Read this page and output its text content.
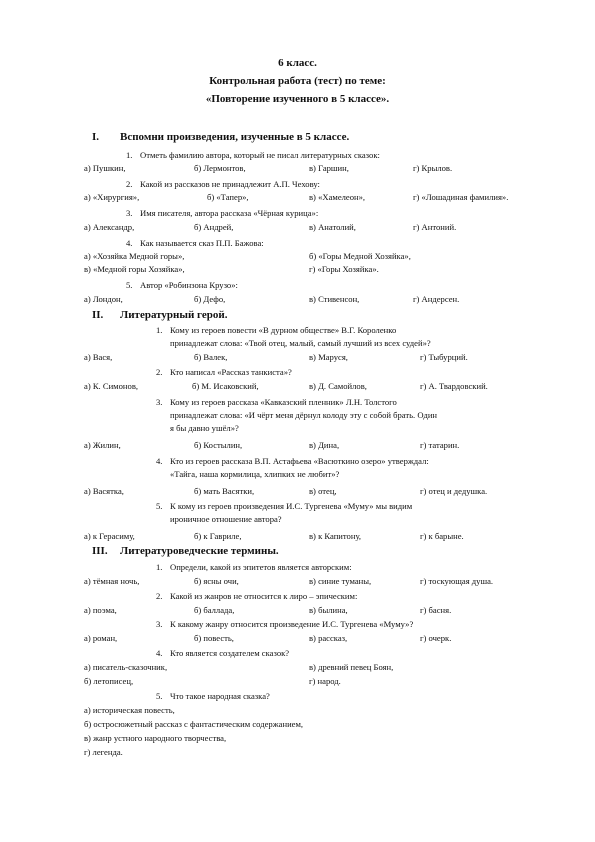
6 класс.
Контрольная работа (тест) по теме:
«Повторение изученного в 5 классе».
I. Вспомни произведения, изученные в 5 классе.
1. Отметь фамилию автора, который не писал литературных сказок:
а) Пушкин,	б) Лермонтов,	в) Гаршин,	г) Крылов.
2. Какой из рассказов не принадлежит А.П. Чехову:
а) «Хирургия»,	б) «Тапер»,	в) «Хамелеон»,	г) «Лошадиная фамилия».
3. Имя писателя, автора рассказа «Чёрная курица»:
а) Александр,	б) Андрей,	в) Анатолий,	г) Антоний.
4. Как называется сказ П.П. Бажова:
а) «Хозяйка Медной горы»,	б) «Горы Медной Хозяйка»,
в) «Медной горы Хозяйка»,	г) «Горы Хозяйка».
5. Автор «Робинзона Крузо»:
а) Лондон,	б) Дефо,	в) Стивенсон,	г) Андерсен.
II. Литературный герой.
1. Кому из героев повести «В дурном обществе» В.Г. Короленко
принадлежат слова: «Твой отец, малый, самый лучший из всех судей»?
а) Вася,	б) Валек,	в) Маруся,	г) Тыбурций.
2. Кто написал «Рассказ танкиста»?
а) К. Симонов,	б) М. Исаковский,	в) Д. Самойлов,	г) А. Твардовский.
3. Кому из героев рассказа «Кавказский пленник» Л.Н. Толстого
принадлежат слова: «И чёрт меня дёрнул колоду эту с собой брать. Один
я бы давно ушёл»?
а) Жилин,	б) Костылин,	в) Дина,	г) татарин.
4. Кто из героев рассказа В.П. Астафьева «Васюткино озеро» утверждал:
«Тайга, наша кормилица, хлипких не любит»?
а) Васятка,	б) мать Васятки,	в) отец,	г) отец и дедушка.
5. К кому из героев произведения И.С. Тургенева «Муму» мы видим
ироничное отношение автора?
а) к Герасиму,	б) к Гавриле,	в) к Капитону,	г) к барыне.
III. Литературоведческие термины.
1. Определи, какой из эпитетов является авторским:
а) тёмная ночь,	б) ясны очи,	в) синие туманы,	г) тоскующая душа.
2. Какой из жанров не относится к лиро – эпическим:
а) поэма,	б) баллада,	в) былина,	г) басня.
3. К какому жанру относится произведение И.С. Тургенева «Муму»?
а) роман,	б) повесть,	в) рассказ,	г) очерк.
4. Кто является создателем сказок?
а) писатель-сказочник,	в) древний певец Боян,
б) летописец,	г) народ.
5. Что такое народная сказка?
а) историческая повесть,
б) остросюжетный рассказ с фантастическим содержанием,
в) жанр устного народного творчества,
г) легенда.
